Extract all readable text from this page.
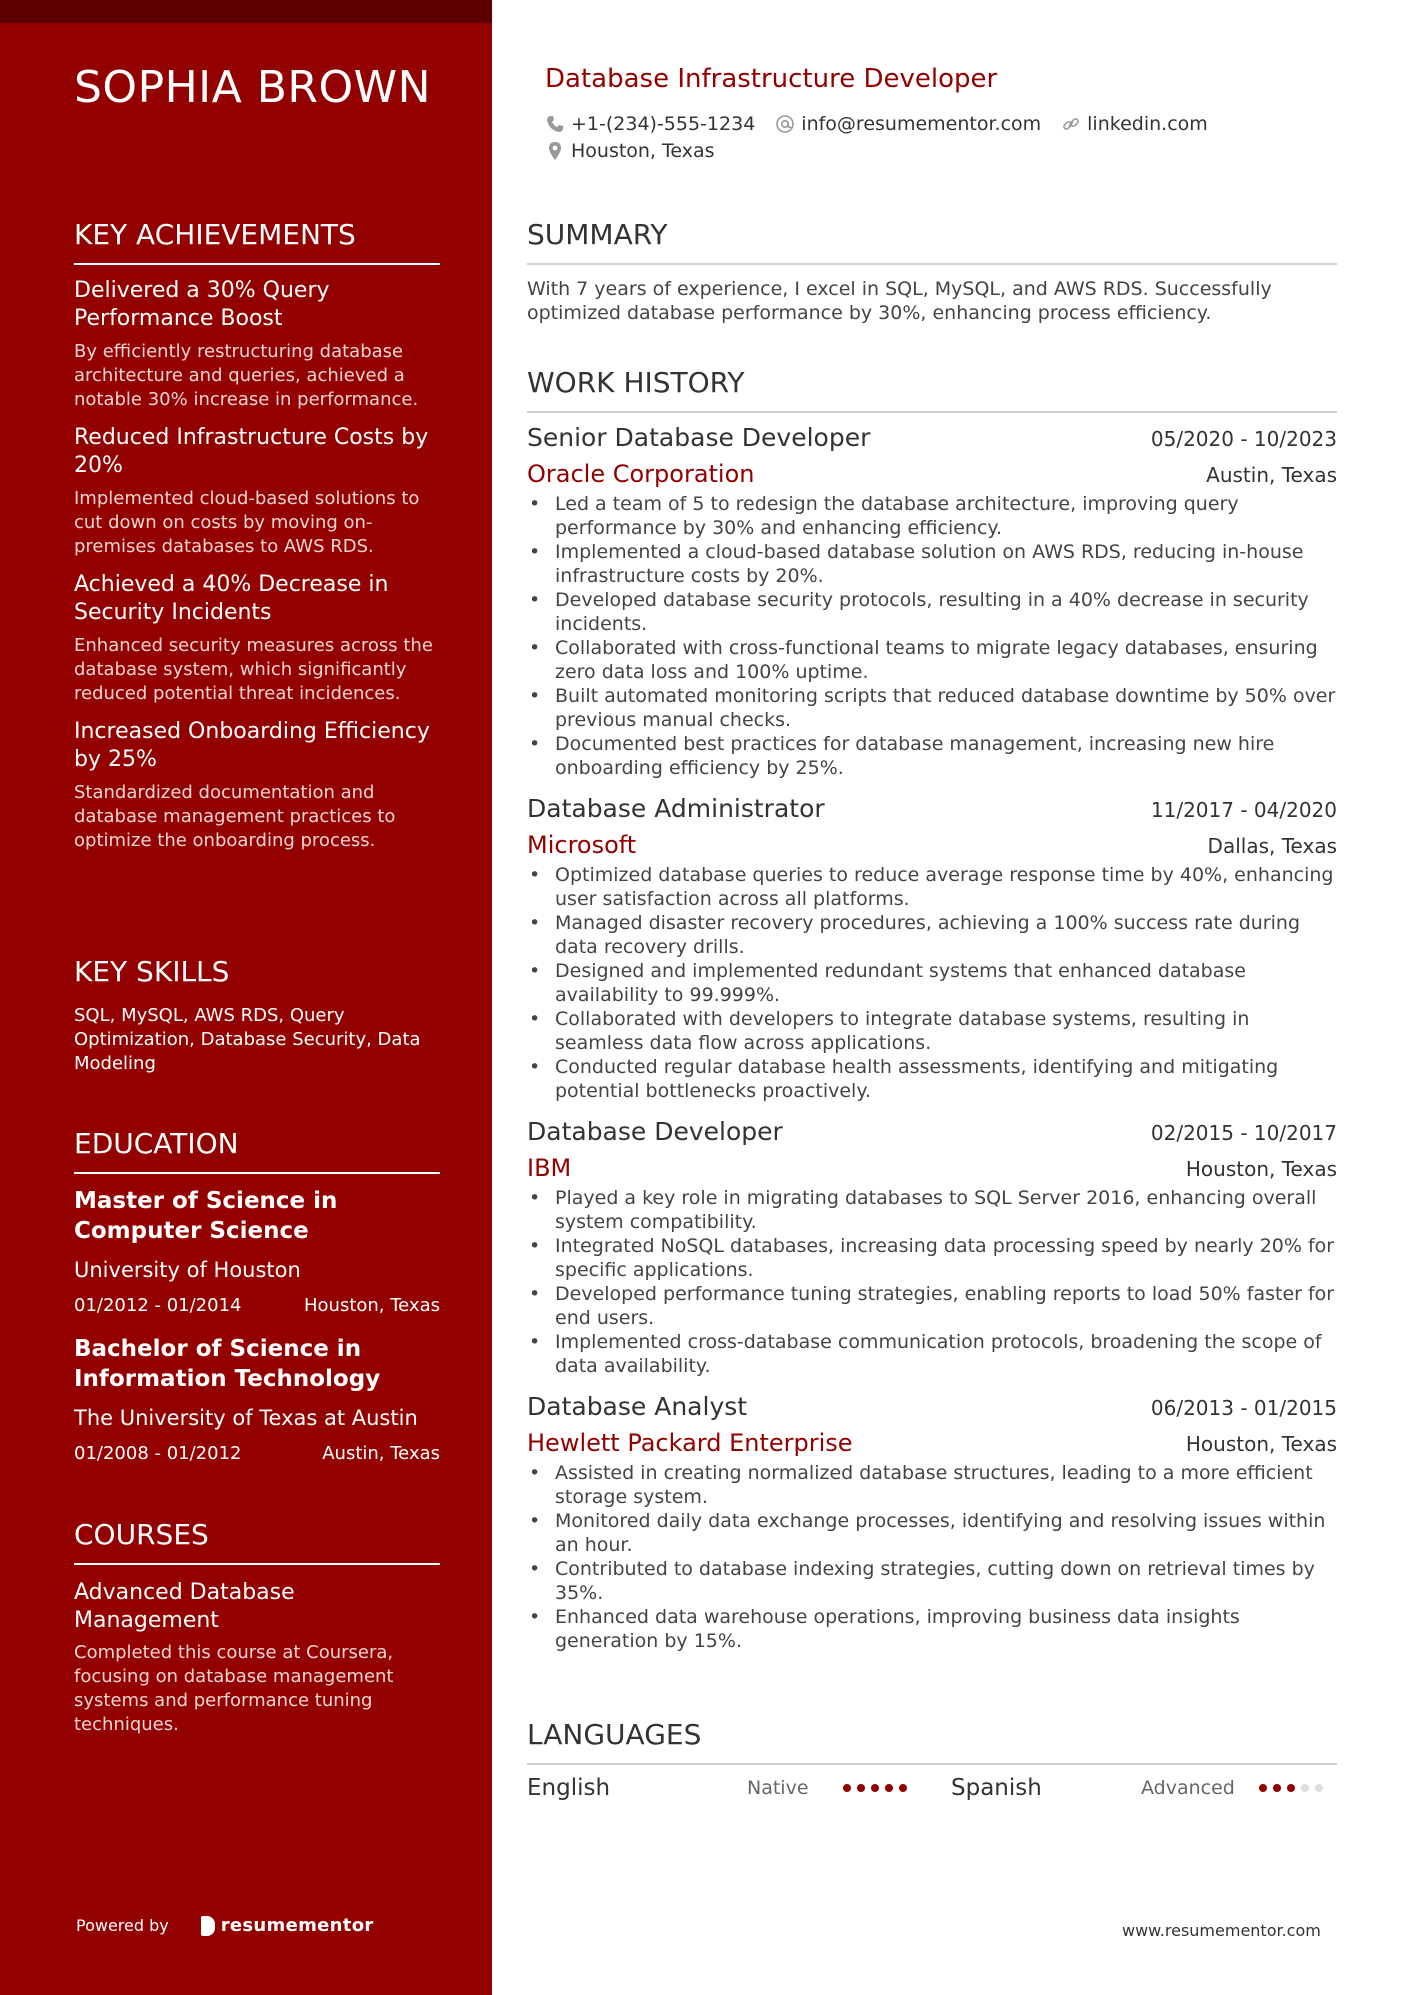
SOPHIA BROWN
KEY ACHIEVEMENTS
Delivered a 30% Query Performance Boost
By efficiently restructuring database architecture and queries, achieved a notable 30% increase in performance.
Reduced Infrastructure Costs by 20%
Implemented cloud-based solutions to cut down on costs by moving on-premises databases to AWS RDS.
Achieved a 40% Decrease in Security Incidents
Enhanced security measures across the database system, which significantly reduced potential threat incidences.
Increased Onboarding Efficiency by 25%
Standardized documentation and database management practices to optimize the onboarding process.
KEY SKILLS
SQL, MySQL, AWS RDS, Query Optimization, Database Security, Data Modeling
EDUCATION
Master of Science in Computer Science
University of Houston
01/2012 - 01/2014	Houston, Texas
Bachelor of Science in Information Technology
The University of Texas at Austin
01/2008 - 01/2012	Austin, Texas
COURSES
Advanced Database Management
Completed this course at Coursera, focusing on database management systems and performance tuning techniques.
Powered by	resumementor
Database Infrastructure Developer
+1-(234)-555-1234 info@resumementor.com linkedin.com
Houston, Texas
SUMMARY
With 7 years of experience, I excel in SQL, MySQL, and AWS RDS. Successfully optimized database performance by 30%, enhancing process efficiency.
WORK HISTORY
Senior Database Developer	05/2020 - 10/2023
Oracle Corporation	Austin, Texas
• Led a team of 5 to redesign the database architecture, improving query performance by 30% and enhancing efficiency.
• Implemented a cloud-based database solution on AWS RDS, reducing in-house infrastructure costs by 20%.
• Developed database security protocols, resulting in a 40% decrease in security incidents.
• Collaborated with cross-functional teams to migrate legacy databases, ensuring zero data loss and 100% uptime.
• Built automated monitoring scripts that reduced database downtime by 50% over previous manual checks.
• Documented best practices for database management, increasing new hire onboarding efficiency by 25%.
Database Administrator	11/2017 - 04/2020
Microsoft	Dallas, Texas
• Optimized database queries to reduce average response time by 40%, enhancing user satisfaction across all platforms.
• Managed disaster recovery procedures, achieving a 100% success rate during data recovery drills.
• Designed and implemented redundant systems that enhanced database availability to 99.999%.
• Collaborated with developers to integrate database systems, resulting in seamless data flow across applications.
• Conducted regular database health assessments, identifying and mitigating potential bottlenecks proactively.
Database Developer	02/2015 - 10/2017
IBM	Houston, Texas
• Played a key role in migrating databases to SQL Server 2016, enhancing overall system compatibility.
• Integrated NoSQL databases, increasing data processing speed by nearly 20% for specific applications.
• Developed performance tuning strategies, enabling reports to load 50% faster for end users.
• Implemented cross-database communication protocols, broadening the scope of data availability.
Database Analyst	06/2013 - 01/2015
Hewlett Packard Enterprise	Houston, Texas
• Assisted in creating normalized database structures, leading to a more efficient storage system.
• Monitored daily data exchange processes, identifying and resolving issues within an hour.
• Contributed to database indexing strategies, cutting down on retrieval times by 35%.
• Enhanced data warehouse operations, improving business data insights generation by 15%.
LANGUAGES
English	Native	Spanish	Advanced
www.resumementor.com
